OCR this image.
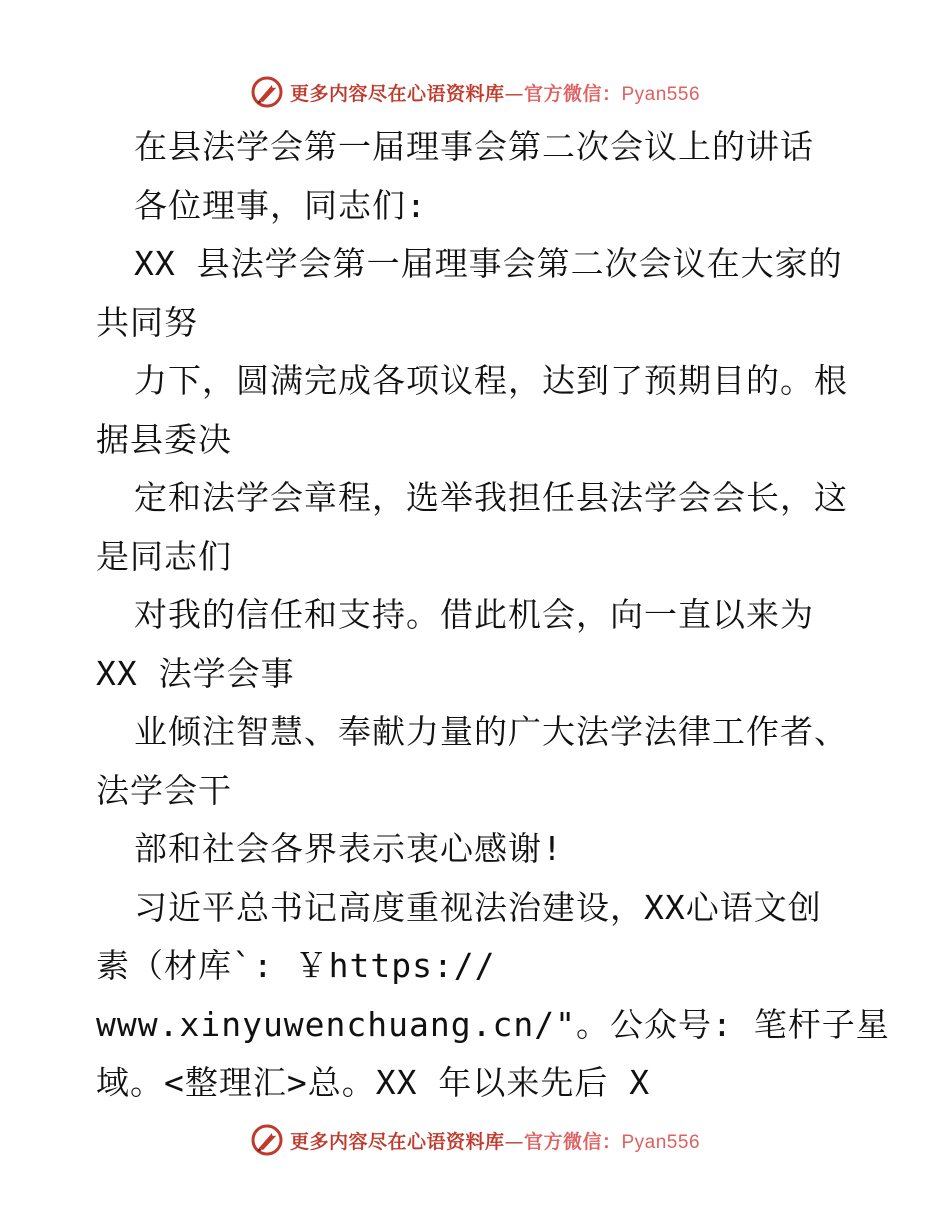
更多内容尽在心语资料库—官方微信：Pyan556
在县法学会第一届理事会第二次会议上的讲话
各位理事，同志们:
XX 县法学会第一届理事会第二次会议在大家的
共同努
力下，圆满完成各项议程，达到了预期目的。根
据县委决
定和法学会章程，选举我担任县法学会会长，这
是同志们
对我的信任和支持。借此机会，向一直以来为
XX 法学会事
业倾注智慧、奉献力量的广大法学法律工作者、
法学会干
部和社会各界表示衷心感谢!
习近平总书记高度重视法治建设，XX心语文创
素（材库`: ￥https://
www.xinyuwenchuang.cn/"。公众号: 笔杆子星
域。<整理汇>总。XX 年以来先后 X
更多内容尽在心语资料库—官方微信：Pyan556
